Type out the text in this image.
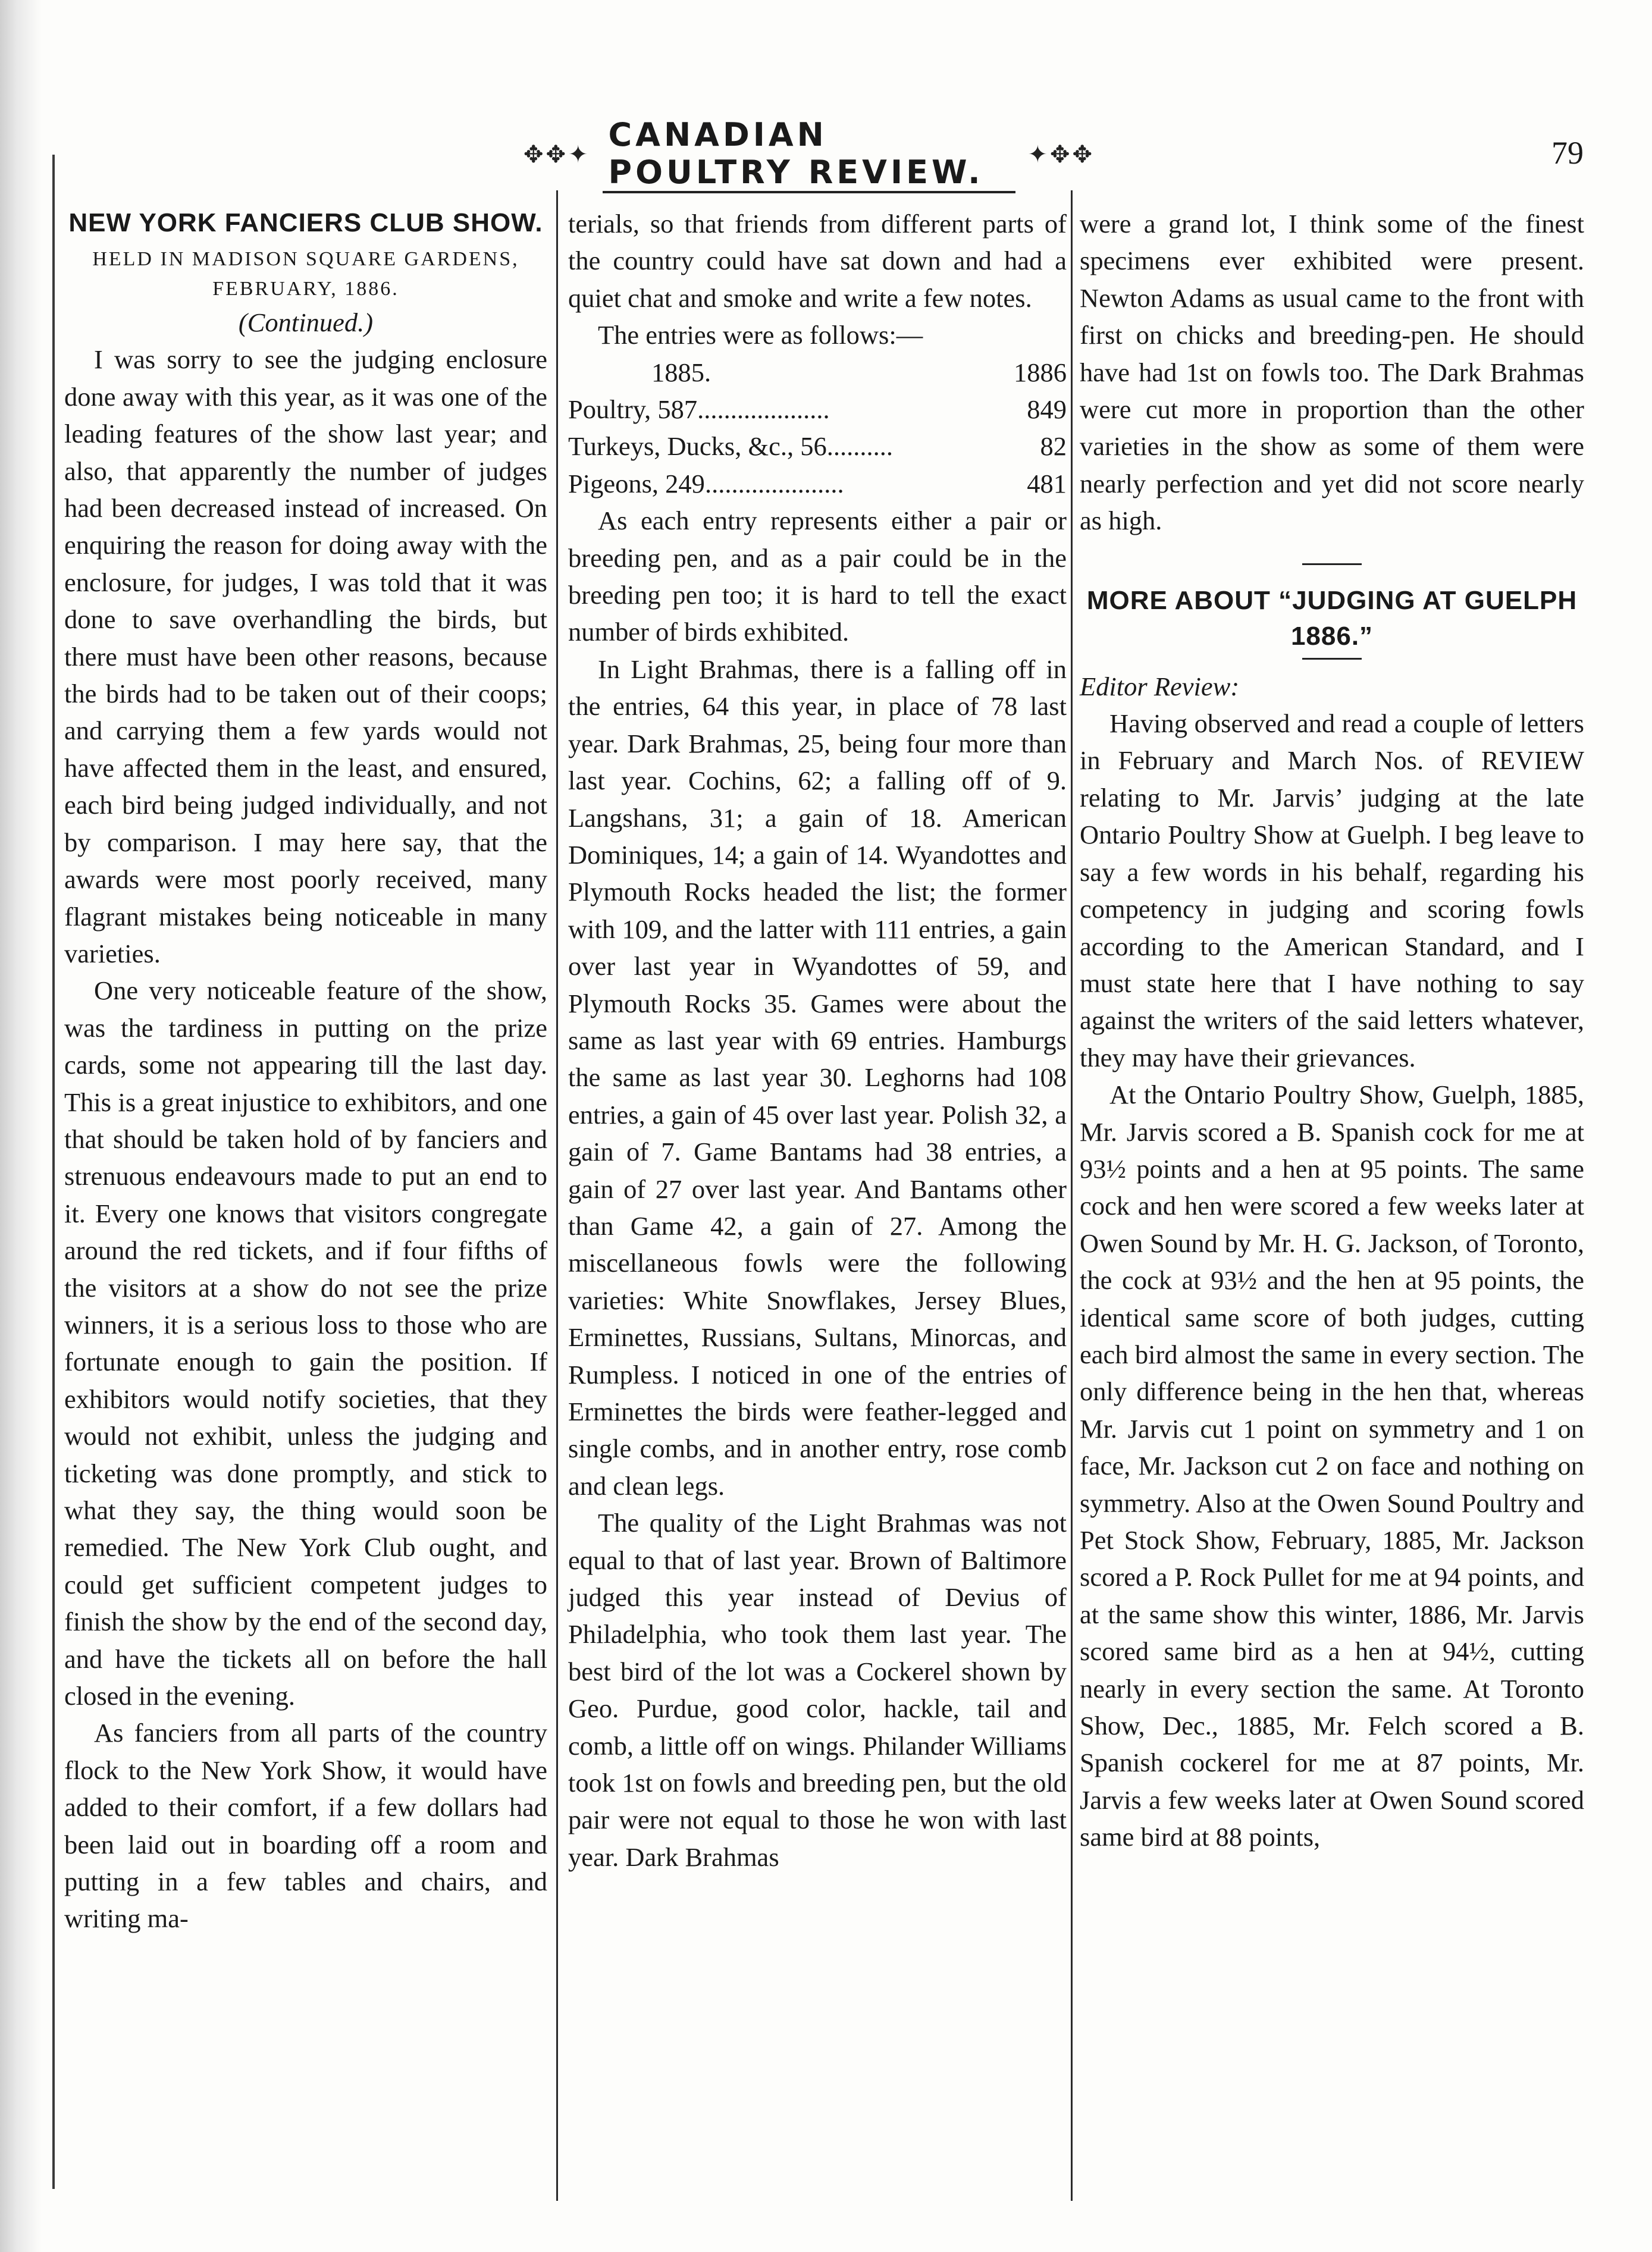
✥✥✦
CANADIAN POULTRY REVIEW.	✦✥✥	79
NEW YORK FANCIERS CLUB SHOW.
HELD IN MADISON SQUARE GARDENS, FEBRUARY, 1886.
(Continued.)

I was sorry to see the judging enclosure done away with this year, as it was one of the leading features of the show last year; and also, that apparently the number of judges had been decreased instead of increased. On enquiring the reason for doing away with the enclosure, for judges, I was told that it was done to save overhandling the birds, but there must have been other reasons, because the birds had to be taken out of their coops; and carrying them a few yards would not have affected them in the least, and ensured, each bird being judged individually, and not by comparison. I may here say, that the awards were most poorly received, many flagrant mistakes being noticeable in many varieties.

One very noticeable feature of the show, was the tardiness in putting on the prize cards, some not appearing till the last day. This is a great injustice to exhibitors, and one that should be taken hold of by fanciers and strenuous endeavours made to put an end to it. Every one knows that visitors congregate around the red tickets, and if four fifths of the visitors at a show do not see the prize winners, it is a serious loss to those who are fortunate enough to gain the position. If exhibitors would notify societies, that they would not exhibit, unless the judging and ticketing was done promptly, and stick to what they say, the thing would soon be remedied. The New York Club ought, and could get sufficient competent judges to finish the show by the end of the second day, and have the tickets all on before the hall closed in the evening.

As fanciers from all parts of the country flock to the New York Show, it would have added to their comfort, if a few dollars had been laid out in boarding off a room and putting in a few tables and chairs, and writing ma-

terials, so that friends from different parts of the country could have sat down and had a quiet chat and smoke and write a few notes.

The entries were as follows:—

1885.	1886
Poultry, 587....................	849
Turkeys, Ducks, &c., 56..........	82
Pigeons, 249.....................	481

As each entry represents either a pair or breeding pen, and as a pair could be in the breeding pen too; it is hard to tell the exact number of birds exhibited.

In Light Brahmas, there is a falling off in the entries, 64 this year, in place of 78 last year. Dark Brahmas, 25, being four more than last year. Cochins, 62; a falling off of 9. Langshans, 31; a gain of 18. American Dominiques, 14; a gain of 14. Wyandottes and Plymouth Rocks headed the list; the former with 109, and the latter with 111 entries, a gain over last year in Wyandottes of 59, and Plymouth Rocks 35. Games were about the same as last year with 69 entries. Hamburgs the same as last year 30. Leghorns had 108 entries, a gain of 45 over last year. Polish 32, a gain of 7. Game Bantams had 38 entries, a gain of 27 over last year. And Bantams other than Game 42, a gain of 27. Among the miscellaneous fowls were the following varieties: White Snowflakes, Jersey Blues, Erminettes, Russians, Sultans, Minorcas, and Rumpless. I noticed in one of the entries of Erminettes the birds were feather-legged and single combs, and in another entry, rose comb and clean legs.

The quality of the Light Brahmas was not equal to that of last year. Brown of Baltimore judged this year instead of Devius of Philadelphia, who took them last year. The best bird of the lot was a Cockerel shown by Geo. Purdue, good color, hackle, tail and comb, a little off on wings. Philander Williams took 1st on fowls and breeding pen, but the old pair were not equal to those he won with last year. Dark Brahmas

were a grand lot, I think some of the finest specimens ever exhibited were present. Newton Adams as usual came to the front with first on chicks and breeding-pen. He should have had 1st on fowls too. The Dark Brahmas were cut more in proportion than the other varieties in the show as some of them were nearly perfection and yet did not score nearly as high.

MORE ABOUT “JUDGING AT GUELPH 1886.”

Editor Review:

Having observed and read a couple of letters in February and March Nos. of REVIEW relating to Mr. Jarvis’ judging at the late Ontario Poultry Show at Guelph. I beg leave to say a few words in his behalf, regarding his competency in judging and scoring fowls according to the American Standard, and I must state here that I have nothing to say against the writers of the said letters whatever, they may have their grievances.

At the Ontario Poultry Show, Guelph, 1885, Mr. Jarvis scored a B. Spanish cock for me at 93½ points and a hen at 95 points. The same cock and hen were scored a few weeks later at Owen Sound by Mr. H. G. Jackson, of Toronto, the cock at 93½ and the hen at 95 points, the identical same score of both judges, cutting each bird almost the same in every section. The only difference being in the hen that, whereas Mr. Jarvis cut 1 point on symmetry and 1 on face, Mr. Jackson cut 2 on face and nothing on symmetry. Also at the Owen Sound Poultry and Pet Stock Show, February, 1885, Mr. Jackson scored a P. Rock Pullet for me at 94 points, and at the same show this winter, 1886, Mr. Jarvis scored same bird as a hen at 94½, cutting nearly in every section the same. At Toronto Show, Dec., 1885, Mr. Felch scored a B. Spanish cockerel for me at 87 points, Mr. Jarvis a few weeks later at Owen Sound scored same bird at 88 points,
